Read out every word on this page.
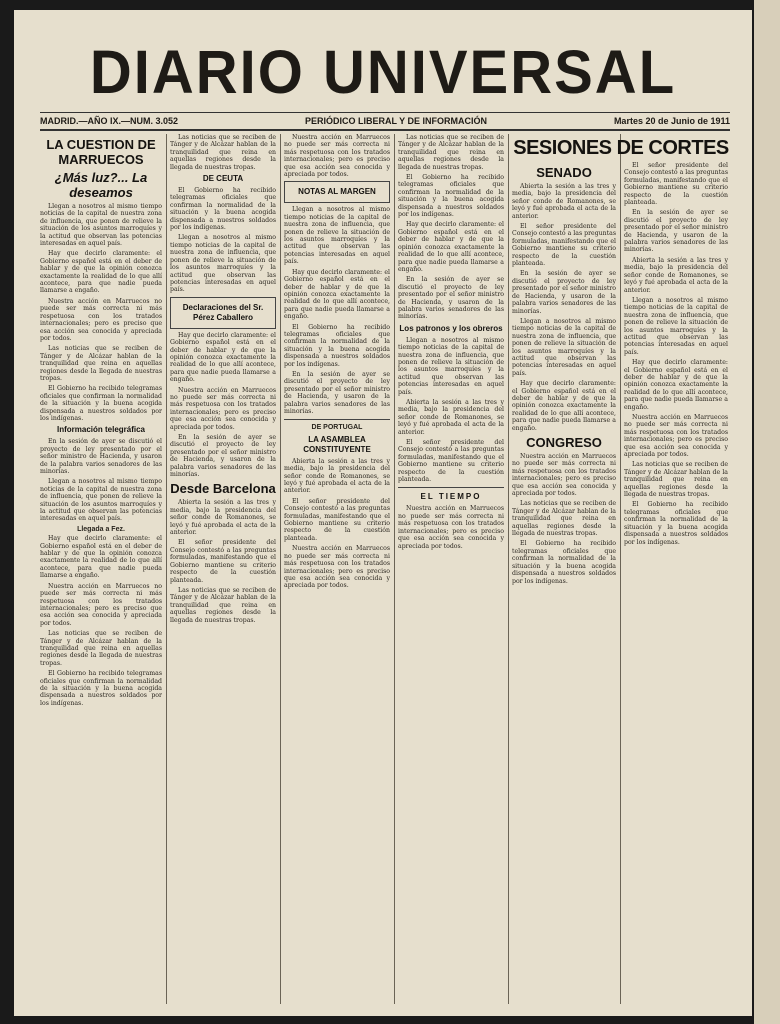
DIARIO UNIVERSAL
MADRID.—AÑO IX.—NUM. 3.052	PERIÓDICO LIBERAL Y DE INFORMACIÓN	Martes 20 de Junio de 1911
LA CUESTION DE MARRUECOS
¿Más luz?... La deseamos

Llegan a nosotros al mismo tiempo noticias de la capital de nuestra zona de influencia, que ponen de relieve la situación de los asuntos marroquíes y la actitud que observan las potencias interesadas en aquel país.

Hay que decirlo claramente: el Gobierno español está en el deber de hablar y de que la opinión conozca exactamente la realidad de lo que allí acontece, para que nadie pueda llamarse a engaño.

Nuestra acción en Marruecos no puede ser más correcta ni más respetuosa con los tratados internacionales; pero es preciso que esa acción sea conocida y apreciada por todos.

Las noticias que se reciben de Tánger y de Alcázar hablan de la tranquilidad que reina en aquellas regiones desde la llegada de nuestras tropas.

El Gobierno ha recibido telegramas oficiales que confirman la normalidad de la situación y la buena acogida dispensada a nuestros soldados por los indígenas.

Información telegráfica

En la sesión de ayer se discutió el proyecto de ley presentado por el señor ministro de Hacienda, y usaron de la palabra varios senadores de las minorías.

Llegan a nosotros al mismo tiempo noticias de la capital de nuestra zona de influencia, que ponen de relieve la situación de los asuntos marroquíes y la actitud que observan las potencias interesadas en aquel país.

Llegada a Fez.

Hay que decirlo claramente: el Gobierno español está en el deber de hablar y de que la opinión conozca exactamente la realidad de lo que allí acontece, para que nadie pueda llamarse a engaño.

Nuestra acción en Marruecos no puede ser más correcta ni más respetuosa con los tratados internacionales; pero es preciso que esa acción sea conocida y apreciada por todos.

Las noticias que se reciben de Tánger y de Alcázar hablan de la tranquilidad que reina en aquellas regiones desde la llegada de nuestras tropas.

El Gobierno ha recibido telegramas oficiales que confirman la normalidad de la situación y la buena acogida dispensada a nuestros soldados por los indígenas.

Las noticias que se reciben de Tánger y de Alcázar hablan de la tranquilidad que reina en aquellas regiones desde la llegada de nuestras tropas.

DE CEUTA

El Gobierno ha recibido telegramas oficiales que confirman la normalidad de la situación y la buena acogida dispensada a nuestros soldados por los indígenas.

Llegan a nosotros al mismo tiempo noticias de la capital de nuestra zona de influencia, que ponen de relieve la situación de los asuntos marroquíes y la actitud que observan las potencias interesadas en aquel país.

Declaraciones del Sr. Pérez Caballero

Hay que decirlo claramente: el Gobierno español está en el deber de hablar y de que la opinión conozca exactamente la realidad de lo que allí acontece, para que nadie pueda llamarse a engaño.

Nuestra acción en Marruecos no puede ser más correcta ni más respetuosa con los tratados internacionales; pero es preciso que esa acción sea conocida y apreciada por todos.

En la sesión de ayer se discutió el proyecto de ley presentado por el señor ministro de Hacienda, y usaron de la palabra varios senadores de las minorías.

Desde Barcelona

Abierta la sesión a las tres y media, bajo la presidencia del señor conde de Romanones, se leyó y fué aprobada el acta de la anterior.

El señor presidente del Consejo contestó a las preguntas formuladas, manifestando que el Gobierno mantiene su criterio respecto de la cuestión planteada.

Las noticias que se reciben de Tánger y de Alcázar hablan de la tranquilidad que reina en aquellas regiones desde la llegada de nuestras tropas.

Nuestra acción en Marruecos no puede ser más correcta ni más respetuosa con los tratados internacionales; pero es preciso que esa acción sea conocida y apreciada por todos.

NOTAS AL MARGEN

Llegan a nosotros al mismo tiempo noticias de la capital de nuestra zona de influencia, que ponen de relieve la situación de los asuntos marroquíes y la actitud que observan las potencias interesadas en aquel país.

Hay que decirlo claramente: el Gobierno español está en el deber de hablar y de que la opinión conozca exactamente la realidad de lo que allí acontece, para que nadie pueda llamarse a engaño.

El Gobierno ha recibido telegramas oficiales que confirman la normalidad de la situación y la buena acogida dispensada a nuestros soldados por los indígenas.

En la sesión de ayer se discutió el proyecto de ley presentado por el señor ministro de Hacienda, y usaron de la palabra varios senadores de las minorías.

DE PORTUGAL
LA ASAMBLEA CONSTITUYENTE

Abierta la sesión a las tres y media, bajo la presidencia del señor conde de Romanones, se leyó y fué aprobada el acta de la anterior.

El señor presidente del Consejo contestó a las preguntas formuladas, manifestando que el Gobierno mantiene su criterio respecto de la cuestión planteada.

Nuestra acción en Marruecos no puede ser más correcta ni más respetuosa con los tratados internacionales; pero es preciso que esa acción sea conocida y apreciada por todos.

Las noticias que se reciben de Tánger y de Alcázar hablan de la tranquilidad que reina en aquellas regiones desde la llegada de nuestras tropas.

El Gobierno ha recibido telegramas oficiales que confirman la normalidad de la situación y la buena acogida dispensada a nuestros soldados por los indígenas.

Hay que decirlo claramente: el Gobierno español está en el deber de hablar y de que la opinión conozca exactamente la realidad de lo que allí acontece, para que nadie pueda llamarse a engaño.

En la sesión de ayer se discutió el proyecto de ley presentado por el señor ministro de Hacienda, y usaron de la palabra varios senadores de las minorías.

Los patronos y los obreros

Llegan a nosotros al mismo tiempo noticias de la capital de nuestra zona de influencia, que ponen de relieve la situación de los asuntos marroquíes y la actitud que observan las potencias interesadas en aquel país.

Abierta la sesión a las tres y media, bajo la presidencia del señor conde de Romanones, se leyó y fué aprobada el acta de la anterior.

El señor presidente del Consejo contestó a las preguntas formuladas, manifestando que el Gobierno mantiene su criterio respecto de la cuestión planteada.

EL TIEMPO

Nuestra acción en Marruecos no puede ser más correcta ni más respetuosa con los tratados internacionales; pero es preciso que esa acción sea conocida y apreciada por todos.

SESIONES DE CORTES
SENADO

Abierta la sesión a las tres y media, bajo la presidencia del señor conde de Romanones, se leyó y fué aprobada el acta de la anterior.

El señor presidente del Consejo contestó a las preguntas formuladas, manifestando que el Gobierno mantiene su criterio respecto de la cuestión planteada.

En la sesión de ayer se discutió el proyecto de ley presentado por el señor ministro de Hacienda, y usaron de la palabra varios senadores de las minorías.

Llegan a nosotros al mismo tiempo noticias de la capital de nuestra zona de influencia, que ponen de relieve la situación de los asuntos marroquíes y la actitud que observan las potencias interesadas en aquel país.

Hay que decirlo claramente: el Gobierno español está en el deber de hablar y de que la opinión conozca exactamente la realidad de lo que allí acontece, para que nadie pueda llamarse a engaño.

CONGRESO

Nuestra acción en Marruecos no puede ser más correcta ni más respetuosa con los tratados internacionales; pero es preciso que esa acción sea conocida y apreciada por todos.

Las noticias que se reciben de Tánger y de Alcázar hablan de la tranquilidad que reina en aquellas regiones desde la llegada de nuestras tropas.

El Gobierno ha recibido telegramas oficiales que confirman la normalidad de la situación y la buena acogida dispensada a nuestros soldados por los indígenas.

El señor presidente del Consejo contestó a las preguntas formuladas, manifestando que el Gobierno mantiene su criterio respecto de la cuestión planteada.

En la sesión de ayer se discutió el proyecto de ley presentado por el señor ministro de Hacienda, y usaron de la palabra varios senadores de las minorías.

Abierta la sesión a las tres y media, bajo la presidencia del señor conde de Romanones, se leyó y fué aprobada el acta de la anterior.

Llegan a nosotros al mismo tiempo noticias de la capital de nuestra zona de influencia, que ponen de relieve la situación de los asuntos marroquíes y la actitud que observan las potencias interesadas en aquel país.

Hay que decirlo claramente: el Gobierno español está en el deber de hablar y de que la opinión conozca exactamente la realidad de lo que allí acontece, para que nadie pueda llamarse a engaño.

Nuestra acción en Marruecos no puede ser más correcta ni más respetuosa con los tratados internacionales; pero es preciso que esa acción sea conocida y apreciada por todos.

Las noticias que se reciben de Tánger y de Alcázar hablan de la tranquilidad que reina en aquellas regiones desde la llegada de nuestras tropas.

El Gobierno ha recibido telegramas oficiales que confirman la normalidad de la situación y la buena acogida dispensada a nuestros soldados por los indígenas.
